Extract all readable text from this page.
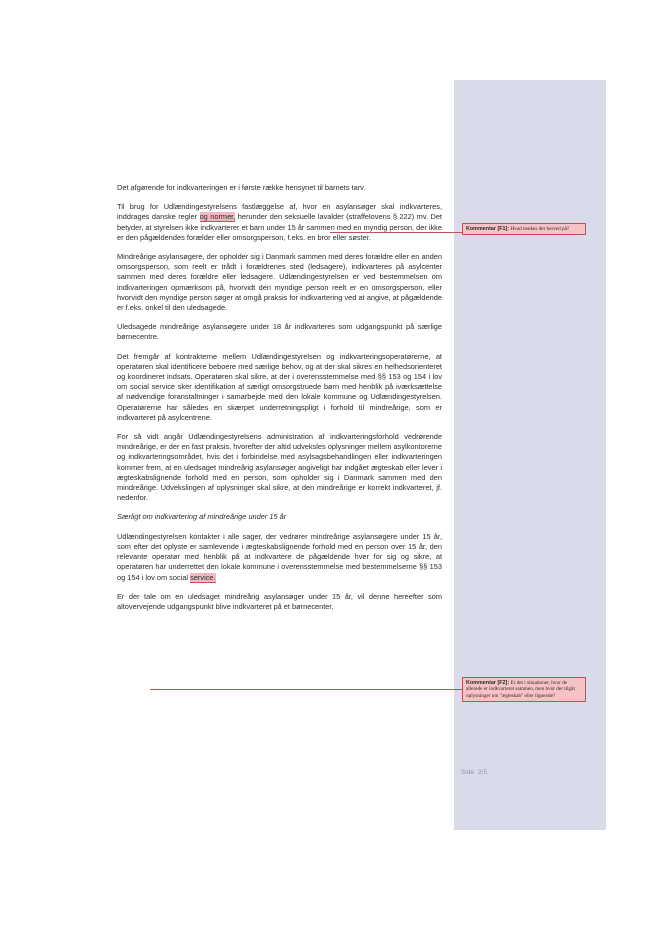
Det afgørende for indkvarteringen er i første række hensynet til barnets tarv.

Til brug for Udlændingestyrelsens fastlæggelse af, hvor en asylansøger skal indkvarteres, inddrages danske regler og normer, herunder den seksuelle lavalder (straffelovens § 222) mv. Det betyder, at styrelsen ikke indkvarterer et barn under 15 år sammen med en myndig person, der ikke er den pågældendes forælder eller omsorgsperson, f.eks. en bror eller søster.

Mindreårige asylansøgere, der opholder sig i Danmark sammen med deres forældre eller en anden omsorgsperson, som reelt er trådt i forældrenes sted (ledsagere), indkvarteres på asylcenter sammen med deres forældre eller ledsagere. Udlændingestyrelsen er ved bestemmelsen om indkvarteringen opmærksom på, hvorvidt den myndige person reelt er en omsorgsperson, eller hvorvidt den myndige person søger at omgå praksis for indkvartering ved at angive, at pågældende er f.eks. onkel til den uledsagede.

Uledsagede mindreårige asylansøgere under 18 år indkvarteres som udgangspunkt på særlige børnecentre.

Det fremgår af kontrakterne mellem Udlændingestyrelsen og indkvarteringsoperatørerne, at operatøren skal identificere beboere med særlige behov, og at der skal sikres en helhedsorienteret og koordineret indsats. Operatøren skal sikre, at der i overensstemmelse med §§ 153 og 154 i lov om social service sker identifikation af særligt omsorgstruede børn med henblik på iværksættelse af nødvendige foranstaltninger i samarbejde med den lokale kommune og Udlændingestyrelsen. Operatørerne har således en skærpet underretningspligt i forhold til mindreårige, som er indkvarteret på asylcentrene.

For så vidt angår Udlændingestyrelsens administration af indkvarteringsforhold vedrørende mindreårige, er der en fast praksis, hvorefter der altid udveksles oplysninger mellem asylkontorerne og indkvarteringsområdet, hvis det i forbindelse med asylsagsbehandlingen eller indkvarteringen kommer frem, at en uledsaget mindreårig asylansøger angiveligt har indgået ægteskab eller lever i ægteskabslignende forhold med en person, som opholder sig i Danmark sammen med den mindreårige. Udvekslingen af oplysninger skal sikre, at den mindreårige er korrekt indkvarteret, jf. nedenfor.

Særligt om indkvartering af mindreårige under 15 år

Udlændingestyrelsen kontakter i alle sager, der vedrører mindreårige asylansøgere under 15 år, som efter det oplyste er samlevende i ægteskabslignende forhold med en person over 15 år, den relevante operatør med henblik på at indkvartere de pågældende hver for sig og sikre, at operatøren har underrettet den lokale kommune i overensstemmelse med bestemmelserne §§ 153 og 154 i lov om social service.

Er der tale om en uledsaget mindreårig asylansøger under 15 år, vil denne hereefter som altovervejende udgangspunkt blive indkvarteret på et børnecenter,

Kommentar [F1]: Hvad tænkes der herved på?
Kommentar [F2]: Er det i situationer, hvor de allerede er indkvarteret sammen, men hvor der tilgår oplysninger om "ægteskab" eller lignende?
Side 2/5
